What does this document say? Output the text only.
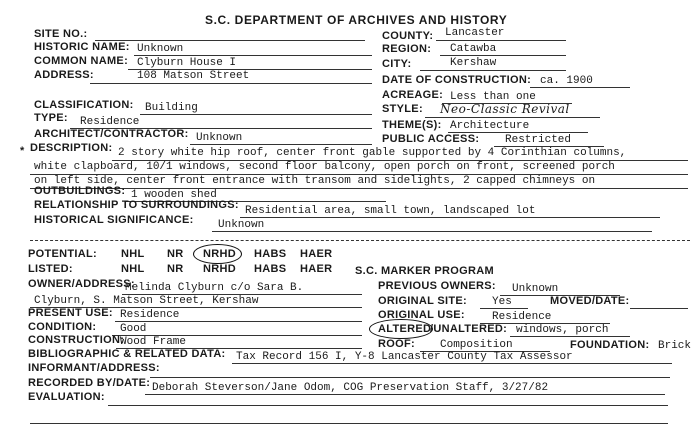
S.C. DEPARTMENT OF ARCHIVES AND HISTORY
SITE NO.:	COUNTY: Lancaster
HISTORIC NAME: Unknown	REGION: Catawba
COMMON NAME: Clyburn House I	CITY:	Kershaw
ADDRESS:	108 Matson Street	DATE OF CONSTRUCTION: ca. 1900
ACREAGE: Less than one
CLASSIFICATION: Building	STYLE: Neo-Classic Revival
TYPE: Residence	THEME(S): Architecture
ARCHITECT/CONTRACTOR: Unknown	PUBLIC ACCESS: Restricted
* DESCRIPTION: 2 story white hip roof, center front gable supported by 4 Corinthian columns,
white clapboard, 10/1 windows, second floor balcony, open porch on front, screened porch
on left side, center front entrance with transom and sidelights, 2 capped chimneys on
OUTBUILDINGS: 1 wooden shed
RELATIONSHIP TO SURROUNDINGS: Residential area, small town, landscaped lot
HISTORICAL SIGNIFICANCE: Unknown
POTENTIAL: NHL NR NRHD HABS HAER
LISTED:	NHL NR NRHD HABS HAER S.C. MARKER PROGRAM
OWNER/ADDRESS:
Melinda Clyburn c/o Sara B.	PREVIOUS OWNERS: Unknown
Clyburn, S. Matson Street, Kershaw	ORIGINAL SITE: Yes	MOVED/DATE:
PRESENT USE: Residence	ORIGINAL USE: Residence
CONDITION: Good	ALTERED
/UNALTERED: windows, porch
CONSTRUCTION:
Wood Frame	ROOF: Composition	FOUNDATION: Brick
BIBLIOGRAPHIC & RELATED DATA: Tax Record 156 I, Y-8 Lancaster County Tax Assessor
INFORMANT/ADDRESS:
RECORDED BY/DATE: Deborah Steverson/Jane Odom, COG Preservation Staff, 3/27/82
EVALUATION:
